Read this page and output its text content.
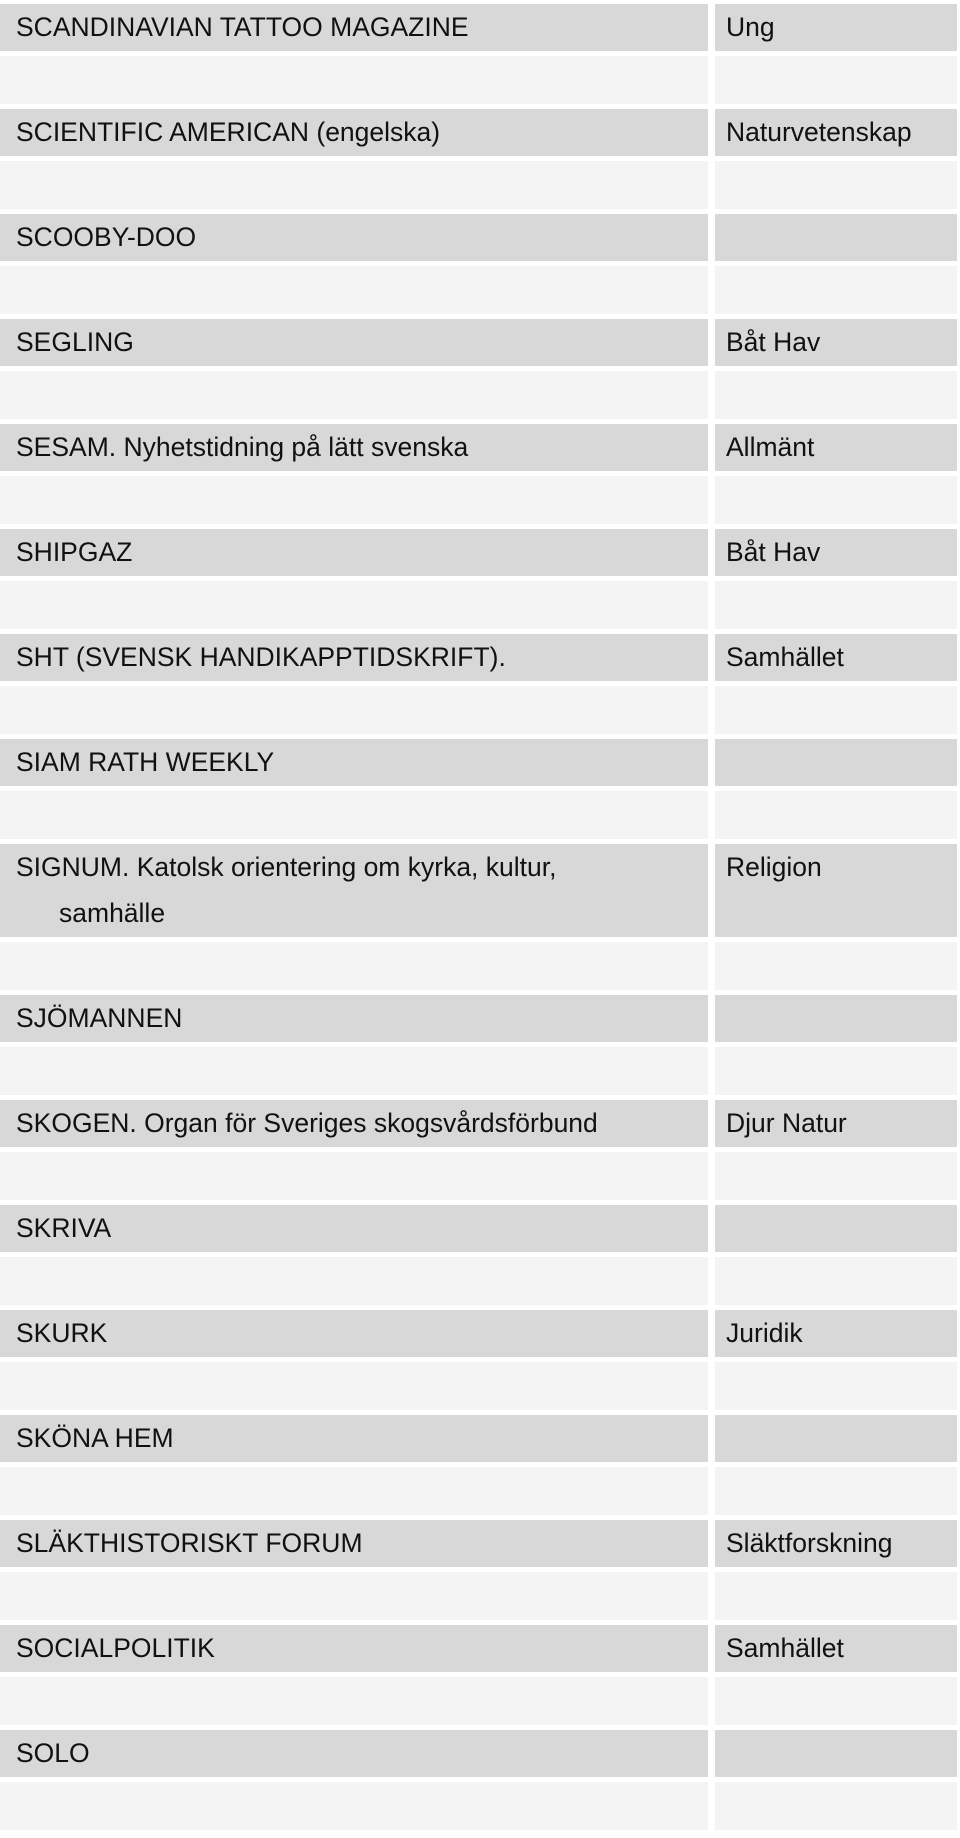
SCANDINAVIAN TATTOO MAGAZINE	Ung

SCIENTIFIC AMERICAN (engelska)	Naturvetenskap

SCOOBY-DOO	

SEGLING	Båt Hav

SESAM. Nyhetstidning på lätt svenska	Allmänt

SHIPGAZ	Båt Hav

SHT (SVENSK HANDIKAPPTIDSKRIFT).	Samhället

SIAM RATH WEEKLY	

SIGNUM. Katolsk orientering om kyrka, kultur,
samhälle	Religion

SJÖMANNEN	

SKOGEN. Organ för Sveriges skogsvårdsförbund	Djur Natur

SKRIVA	

SKURK	Juridik

SKÖNA HEM	

SLÄKTHISTORISKT FORUM	Släktforskning

SOCIALPOLITIK	Samhället

SOLO	
